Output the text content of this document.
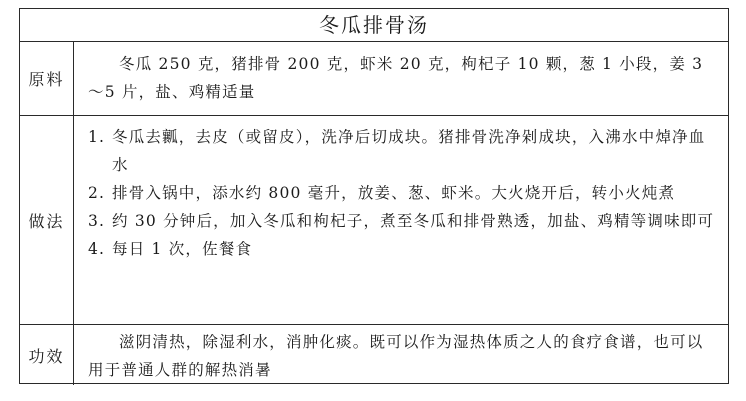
冬瓜排骨汤
原料
冬瓜 250 克，猪排骨 200 克，虾米 20 克，枸杞子 10 颗，葱 1 小段，姜 3～5 片，盐、鸡精适量
做法
1. 冬瓜去瓤，去皮（或留皮），洗净后切成块。猪排骨洗净剁成块，入沸水中焯净血水
2. 排骨入锅中，添水约 800 毫升，放姜、葱、虾米。大火烧开后，转小火炖煮
3. 约 30 分钟后，加入冬瓜和枸杞子，煮至冬瓜和排骨熟透，加盐、鸡精等调味即可
4. 每日 1 次，佐餐食
功效
滋阴清热，除湿利水，消肿化痰。既可以作为湿热体质之人的食疗食谱，也可以用于普通人群的解热消暑
